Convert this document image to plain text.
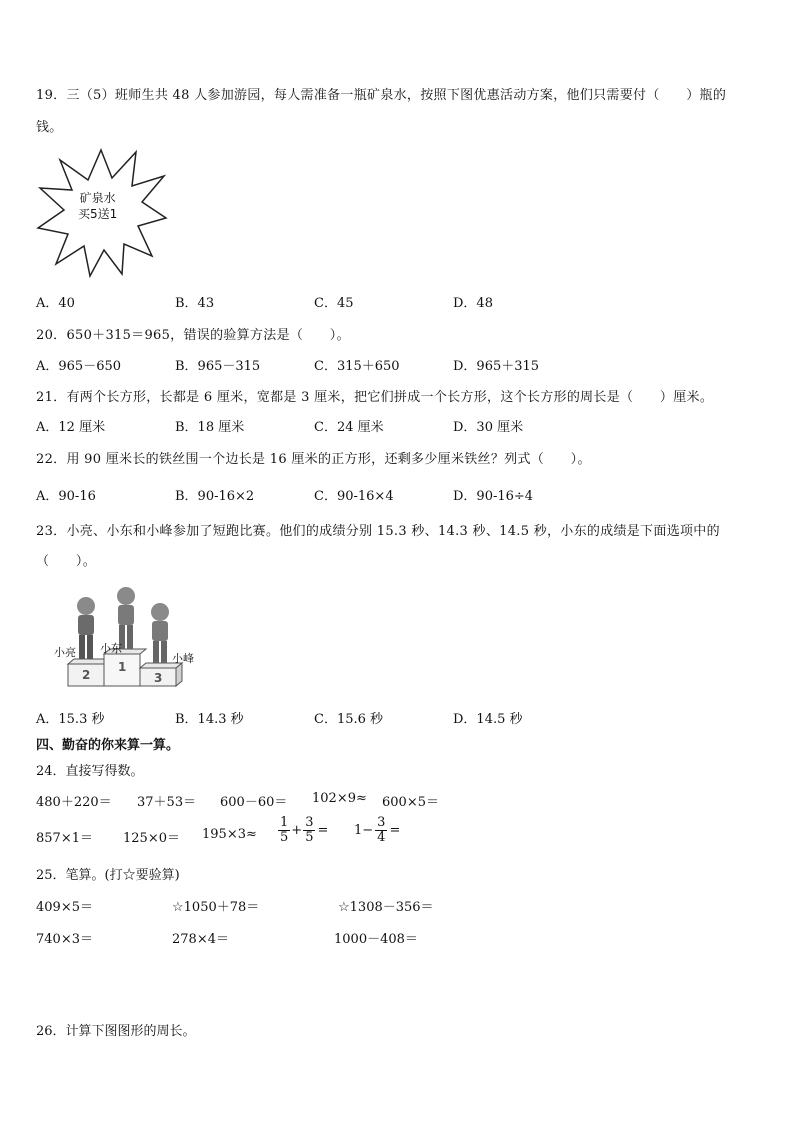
19．三（5）班师生共 48 人参加游园，每人需准备一瓶矿泉水，按照下图优惠活动方案，他们只需要付（　　）瓶的
钱。
矿泉水
买5送1
A．40	B．43	C．45	D．48
20．650＋315＝965，错误的验算方法是（　　）。
A．965－650	B．965－315	C．315＋650	D．965＋315
21．有两个长方形，长都是 6 厘米，宽都是 3 厘米，把它们拼成一个长方形，这个长方形的周长是（　　）厘米。
A．12 厘米	B．18 厘米	C．24 厘米	D．30 厘米
22．用 90 厘米长的铁丝围一个边长是 16 厘米的正方形，还剩多少厘米铁丝？列式（　　）。
A．90-16	B．90-16×2	C．90-16×4	D．90-16÷4
23．小亮、小东和小峰参加了短跑比赛。他们的成绩分别 15.3 秒、14.3 秒、14.5 秒，小东的成绩是下面选项中的
（　　）。
2
1
3
小亮 小东
小峰
A．15.3 秒	B．14.3 秒	C．15.6 秒	D．14.5 秒
四、勤奋的你来算一算。
24．直接写得数。
480＋220＝ 37＋53＝ 600－60＝ 102×9≈ 600×5＝
$857\times 1= 125\times 0= 195\times 3\approx \frac{1}{5} + \frac{3}{5} = 1- \frac{3}{4}$ =
25．笔算。(打☆要验算)
409×5＝	☆1050＋78＝	☆1308－356＝
740×3＝	278×4＝	1000－408＝
26．计算下图图形的周长。
